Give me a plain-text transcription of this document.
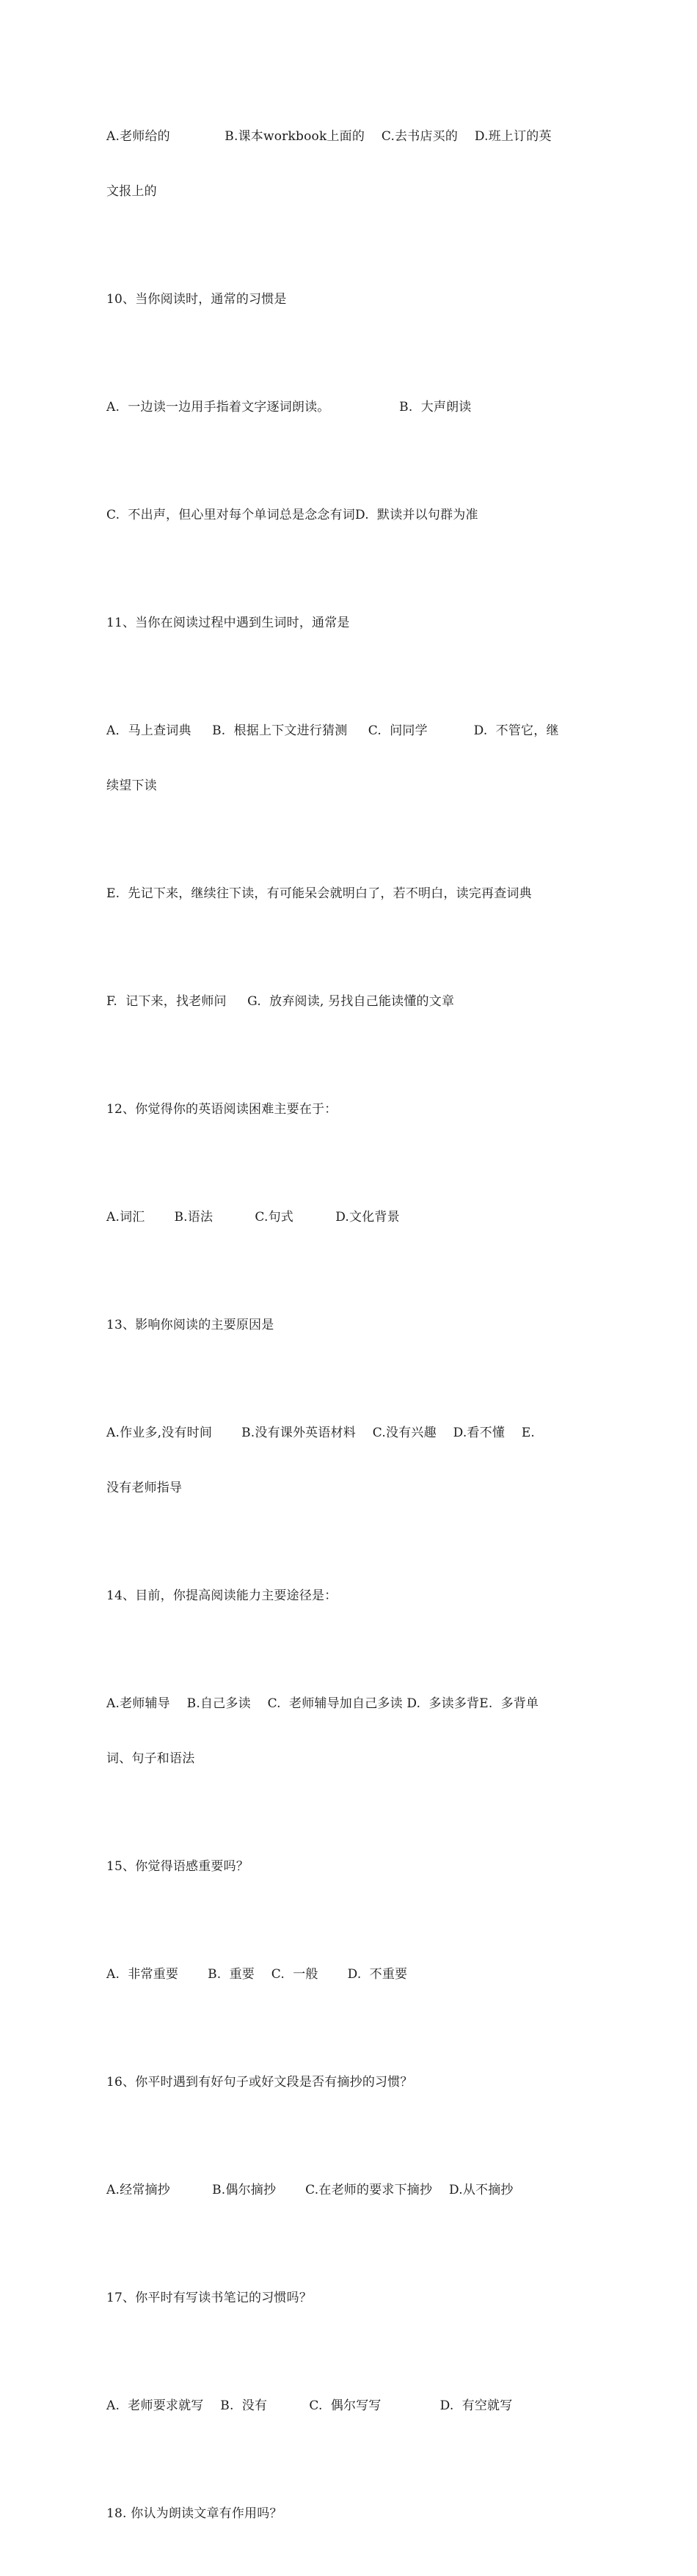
A.老师给的　　　　 B.课本workbook上面的　 C.去书店买的　 D.班上订的英

文报上的

10、当你阅读时，通常的习惯是

A.  一边读一边用手指着文字逐词朗读。　　　　　　B.  大声朗读

C.  不出声，但心里对每个单词总是念念有词D.  默读并以句群为准

11、当你在阅读过程中遇到生词时，通常是

A．马上查词典　  B.  根据上下文进行猜测　  C.  问同学　　　  D.  不管它，继

续望下读

E.  先记下来，继续往下读，有可能呆会就明白了，若不明白，读完再查词典

F.  记下来，找老师问　  G.  放弃阅读, 另找自己能读懂的文章

12、你觉得你的英语阅读困难主要在于：

A.词汇　　 B.语法　　　 C.句式　　　 D.文化背景

13、影响你阅读的主要原因是

A.作业多,没有时间　　 B.没有课外英语材料　 C.没有兴趣　 D.看不懂　 E.

没有老师指导

14、目前，你提高阅读能力主要途径是：

A.老师辅导　 B.自己多读　 C.  老师辅导加自己多读 D.  多读多背E.  多背单

词、句子和语法

15、你觉得语感重要吗？

A.  非常重要　　 B.  重要　 C.  一般　　 D.  不重要

16、你平时遇到有好句子或好文段是否有摘抄的习惯？

A.经常摘抄　　　 B.偶尔摘抄　　 C.在老师的要求下摘抄　 D.从不摘抄

17、你平时有写读书笔记的习惯吗？

A.  老师要求就写　 B.  没有　　　 C.  偶尔写写　　　　  D.  有空就写

18. 你认为朗读文章有作用吗？
